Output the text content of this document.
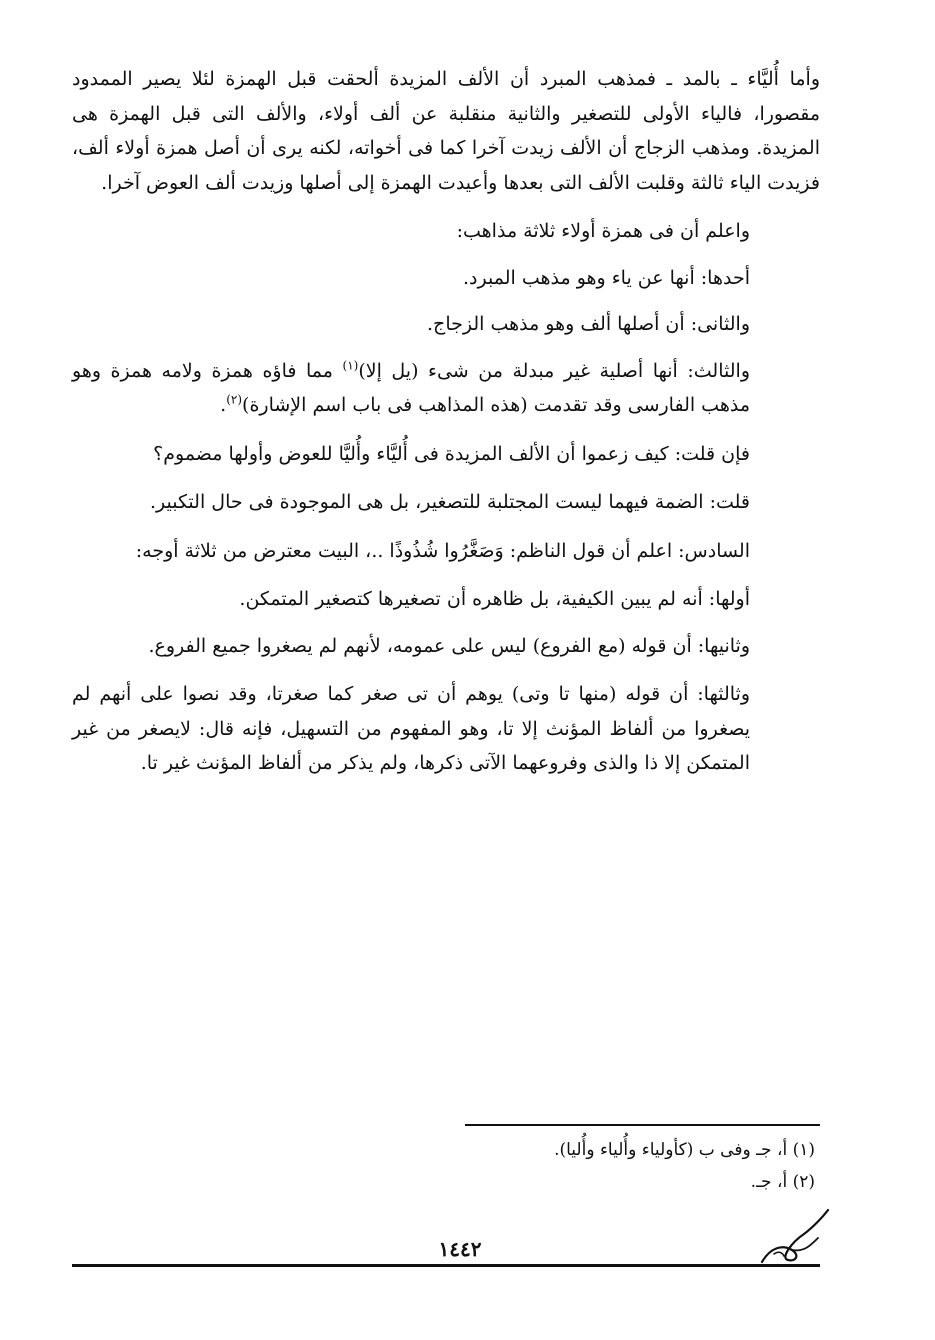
وأما أُليَّاء ـ بالمد ـ فمذهب المبرد أن الألف المزيدة ألحقت قبل الهمزة لئلا يصير الممدود مقصورا، فالياء الأولى للتصغير والثانية منقلبة عن ألف أولاء، والألف التى قبل الهمزة هى المزيدة. ومذهب الزجاج أن الألف زيدت آخرا كما فى أخواته، لكنه يرى أن أصل همزة أولاء ألف، فزيدت الياء ثالثة وقلبت الألف التى بعدها وأعيدت الهمزة إلى أصلها وزيدت ألف العوض آخرا.

واعلم أن فى همزة أولاء ثلاثة مذاهب:

أحدها: أنها عن ياء وهو مذهب المبرد.

والثانى: أن أصلها ألف وهو مذهب الزجاج.

والثالث: أنها أصلية غير مبدلة من شىء (يل إلا)$^{(١)}$ مما فاؤه همزة ولامه همزة وهو مذهب الفارسى وقد تقدمت (هذه المذاهب فى باب اسم الإشارة)$^{(٢)}$.

فإن قلت: كيف زعموا أن الألف المزيدة فى أُليَّاء وأُليَّا للعوض وأولها مضموم؟

قلت: الضمة فيهما ليست المجتلبة للتصغير، بل هى الموجودة فى حال التكبير.

السادس: اعلم أن قول الناظم: وَصَغَّرُوا شُذُوذًا ..، البيت معترض من ثلاثة أوجه:

أولها: أنه لم يبين الكيفية، بل ظاهره أن تصغيرها كتصغير المتمكن.

وثانيها: أن قوله (مع الفروع) ليس على عمومه، لأنهم لم يصغروا جميع الفروع.

وثالثها: أن قوله (منها تا وتى) يوهم أن تى صغر كما صغرتا، وقد نصوا على أنهم لم يصغروا من ألفاظ المؤنث إلا تا، وهو المفهوم من التسهيل، فإنه قال: لايصغر من غير المتمكن إلا ذا والذى وفروعهما الآتى ذكرها، ولم يذكر من ألفاظ المؤنث غير تا.

(١) أ، جـ وفى ب (كأولياء وأُلياء وأُليا).

(٢) أ، جـ.

١٤٤٢
